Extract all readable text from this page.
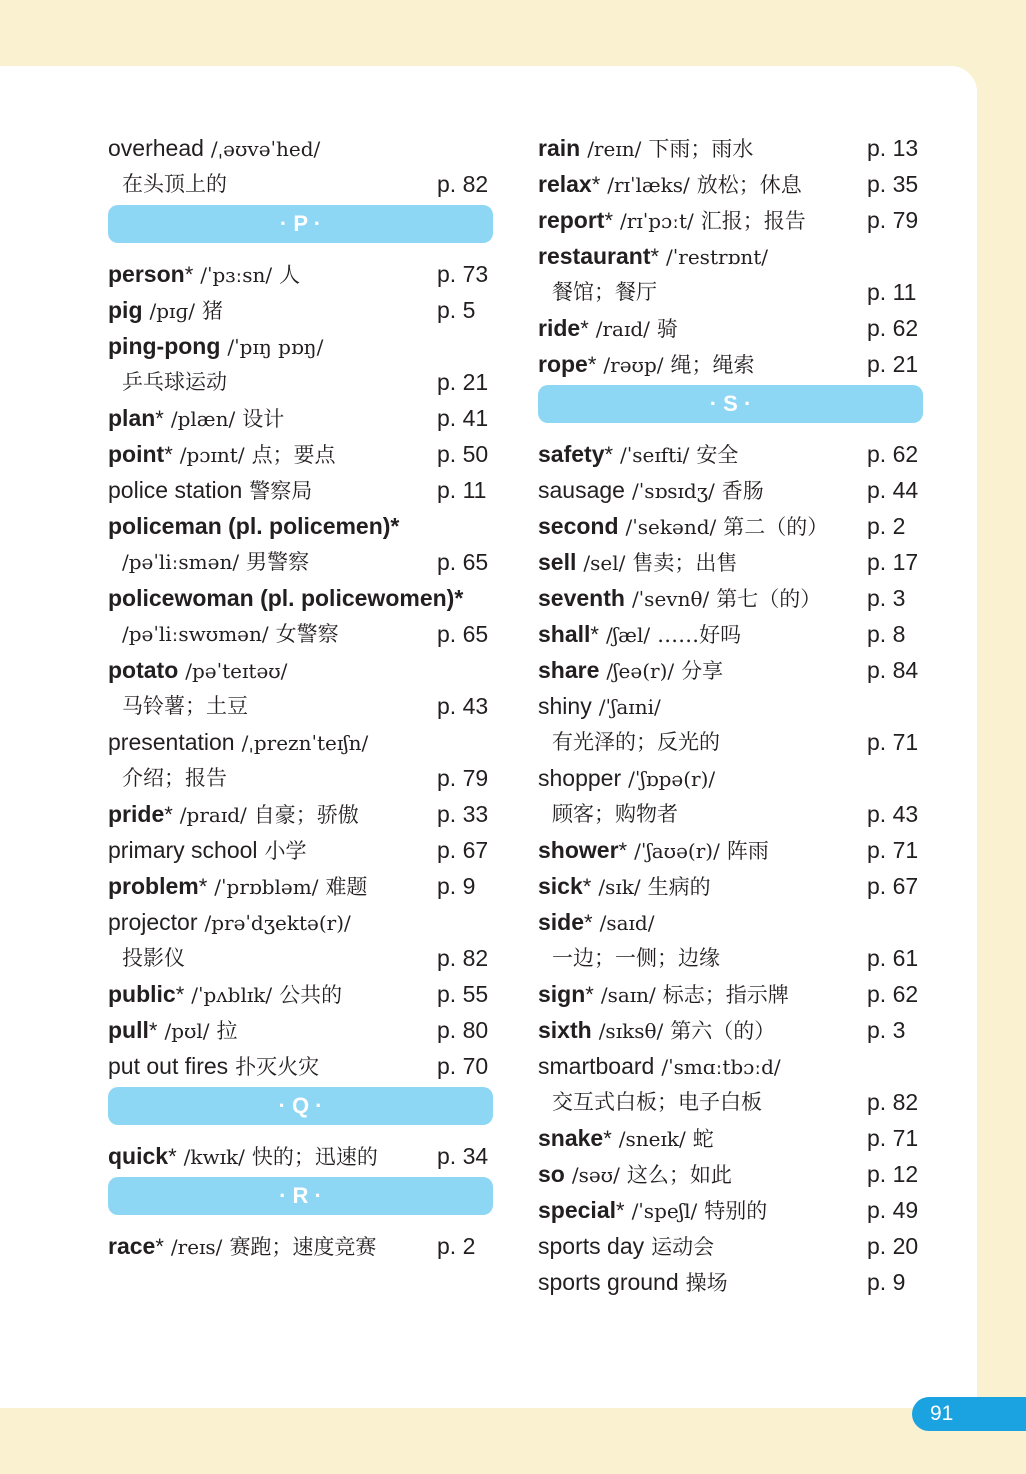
overhead /ˌəʊvəˈhed/
在头顶上的	p. 82
· P ·
person* /ˈpɜːsn/ 人	p. 73
pig /pɪɡ/ 猪	p. 5
ping-pong /ˈpɪŋ pɒŋ/
乒乓球运动	p. 21
plan* /plæn/ 设计	p. 41
point* /pɔɪnt/ 点；要点	p. 50
police station 警察局	p. 11
policeman (pl. policemen)*
/pəˈliːsmən/ 男警察	p. 65
policewoman (pl. policewomen)*
/pəˈliːswʊmən/ 女警察	p. 65
potato /pəˈteɪtəʊ/
马铃薯；土豆	p. 43
presentation /ˌpreznˈteɪʃn/
介绍；报告	p. 79
pride* /praɪd/ 自豪；骄傲	p. 33
primary school 小学	p. 67
problem* /ˈprɒbləm/ 难题	p. 9
projector /prəˈdʒektə(r)/
投影仪	p. 82
public* /ˈpʌblɪk/ 公共的	p. 55
pull* /pʊl/ 拉	p. 80
put out fires 扑灭火灾	p. 70
· Q ·
quick* /kwɪk/ 快的；迅速的	p. 34
· R ·
race* /reɪs/ 赛跑；速度竞赛	p. 2
rain /reɪn/ 下雨；雨水	p. 13
relax* /rɪˈlæks/ 放松；休息	p. 35
report* /rɪˈpɔːt/ 汇报；报告	p. 79
restaurant* /ˈrestrɒnt/
餐馆；餐厅	p. 11
ride* /raɪd/ 骑	p. 62
rope* /rəʊp/ 绳；绳索	p. 21
· S ·
safety* /ˈseɪfti/ 安全	p. 62
sausage /ˈsɒsɪdʒ/ 香肠	p. 44
second /ˈsekənd/ 第二（的） p. 2
sell /sel/ 售卖；出售	p. 17
seventh /ˈsevnθ/ 第七（的） p. 3
shall* /ʃæl/ ……好吗	p. 8
share /ʃeə(r)/ 分享	p. 84
shiny /ˈʃaɪni/
有光泽的；反光的	p. 71
shopper /ˈʃɒpə(r)/
顾客；购物者	p. 43
shower* /ˈʃaʊə(r)/ 阵雨	p. 71
sick* /sɪk/ 生病的	p. 67
side* /saɪd/
一边；一侧；边缘	p. 61
sign* /saɪn/ 标志；指示牌	p. 62
sixth /sɪksθ/ 第六（的）	p. 3
smartboard /ˈsmɑːtbɔːd/
交互式白板；电子白板	p. 82
snake* /sneɪk/ 蛇	p. 71
so /səʊ/ 这么；如此	p. 12
special* /ˈspeʃl/ 特别的	p. 49
sports day 运动会	p. 20
sports ground 操场	p. 9
91
